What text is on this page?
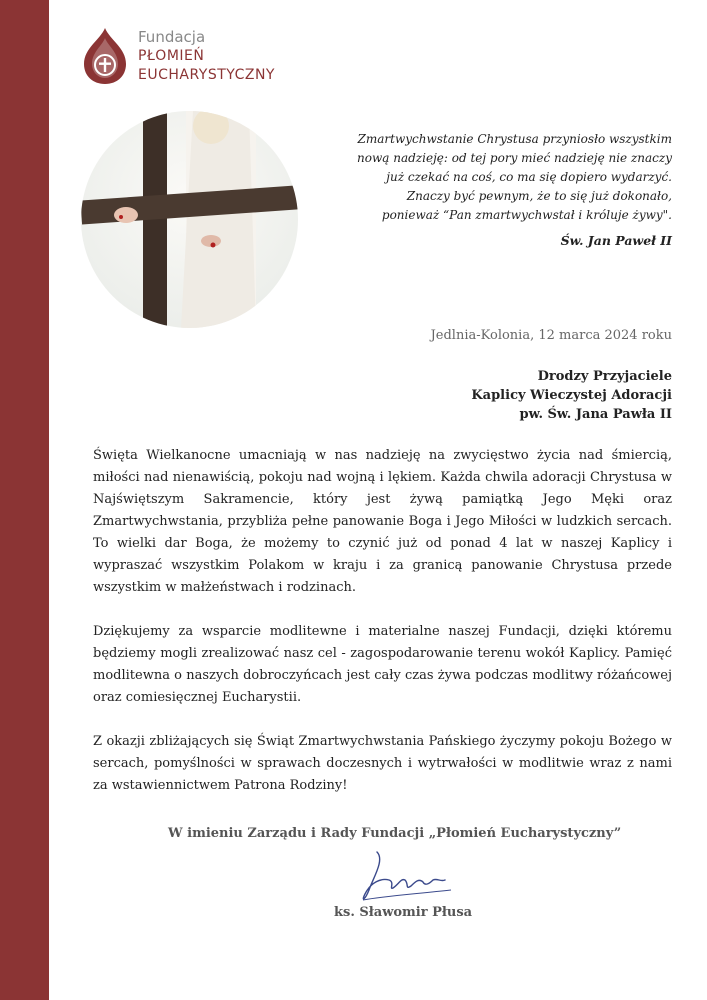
Fundacja
PŁOMIEŃ
EUCHARYSTYCZNY
Zmartwychwstanie Chrystusa przyniosło wszystkim
nową nadzieję: od tej pory mieć nadzieję nie znaczy
już czekać na coś, co ma się dopiero wydarzyć.
Znaczy być pewnym, że to się już dokonało,
ponieważ “Pan zmartwychwstał i króluje żywy".
Św. Jan Paweł II
Jedlnia-Kolonia, 12 marca 2024 roku
Drodzy Przyjaciele
Kaplicy Wieczystej Adoracji
pw. Św. Jana Pawła II

Święta Wielkanocne umacniają w nas nadzieję na zwycięstwo życia nad śmiercią, miłości nad nienawiścią, pokoju nad wojną i lękiem. Każda chwila adoracji Chrystusa w Najświętszym Sakramencie, który jest żywą pamiątką Jego Męki oraz Zmartwychwstania, przybliża pełne panowanie Boga i Jego Miłości w ludzkich sercach. To wielki dar Boga, że możemy to czynić już od ponad 4 lat w naszej Kaplicy i wypraszać wszystkim Polakom w kraju i za granicą panowanie Chrystusa przede wszystkim w małżeństwach i rodzinach.

Dziękujemy za wsparcie modlitewne i materialne naszej Fundacji, dzięki któremu będziemy mogli zrealizować nasz cel - zagospodarowanie terenu wokół Kaplicy. Pamięć modlitewna o naszych dobroczyńcach jest cały czas żywa podczas modlitwy różańcowej oraz comiesięcznej Eucharystii.

Z okazji zbliżających się Świąt Zmartwychwstania Pańskiego życzymy pokoju Bożego w sercach, pomyślności w sprawach doczesnych i wytrwałości w modlitwie wraz z nami za wstawiennictwem Patrona Rodziny!

W imieniu Zarządu i Rady Fundacji „Płomień Eucharystyczny”
ks. Sławomir Płusa
